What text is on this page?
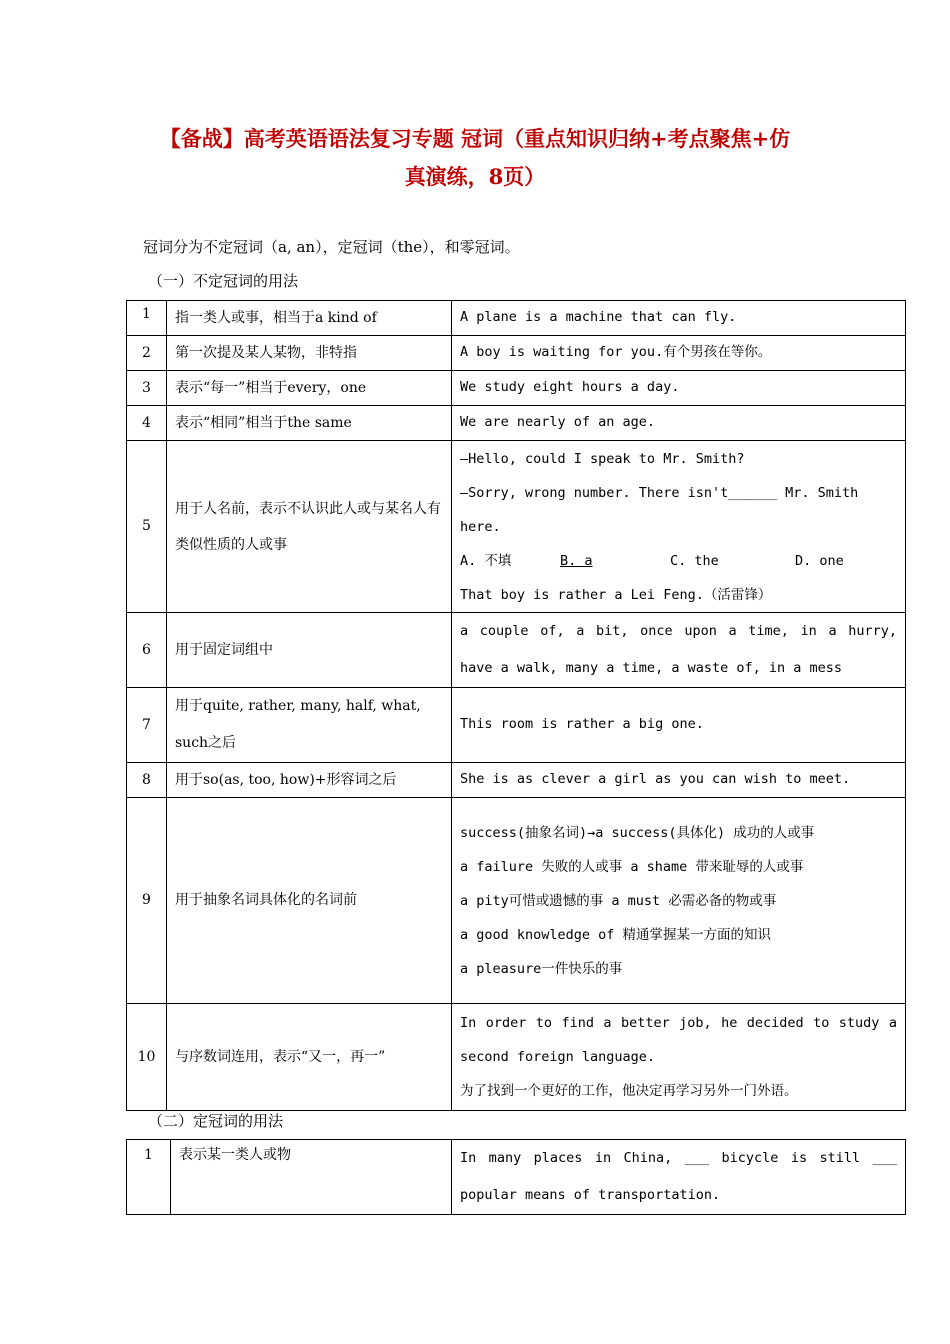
【备战】高考英语语法复习专题 冠词（重点知识归纳+考点聚焦+仿
真演练，8页）
冠词分为不定冠词（a, an），定冠词（the），和零冠词。
（一）不定冠词的用法
1	指一类人或事，相当于a kind of	A plane is a machine that can fly.
2	第一次提及某人某物，非特指	A boy is waiting for you.有个男孩在等你。
3	表示“每一”相当于every，one	We study eight hours a day.
4	表示“相同”相当于the same	We are nearly of an age.
5	用于人名前，表示不认识此人或与某名人有类似性质的人或事	—Hello, could I speak to Mr. Smith?
—Sorry, wrong number. There isn't______ Mr. Smith here.
A. 不填 B. a C. the D. one
That boy is rather a Lei Feng.（活雷锋）

6	用于固定词组中	a couple of, a bit, once upon a time, in a hurry, have a walk, many a time, a waste of, in a mess
7	用于quite, rather, many, half, what, such之后	This room is rather a big one.
8	用于so(as, too, how)+形容词之后	She is as clever a girl as you can wish to meet.
9	用于抽象名词具体化的名词前	success(抽象名词)→a success(具体化) 成功的人或事
a failure 失败的人或事 a shame 带来耻辱的人或事
a pity可惜或遗憾的事 a must 必需必备的物或事
a good knowledge of 精通掌握某一方面的知识
a pleasure一件快乐的事

10	与序数词连用，表示“又一，再一”	In order to find a better job, he decided to study a second foreign language.
为了找到一个更好的工作，他决定再学习另外一门外语。
（二）定冠词的用法
1	表示某一类人或物	In many places in China, ___ bicycle is still ___ popular means of transportation.
